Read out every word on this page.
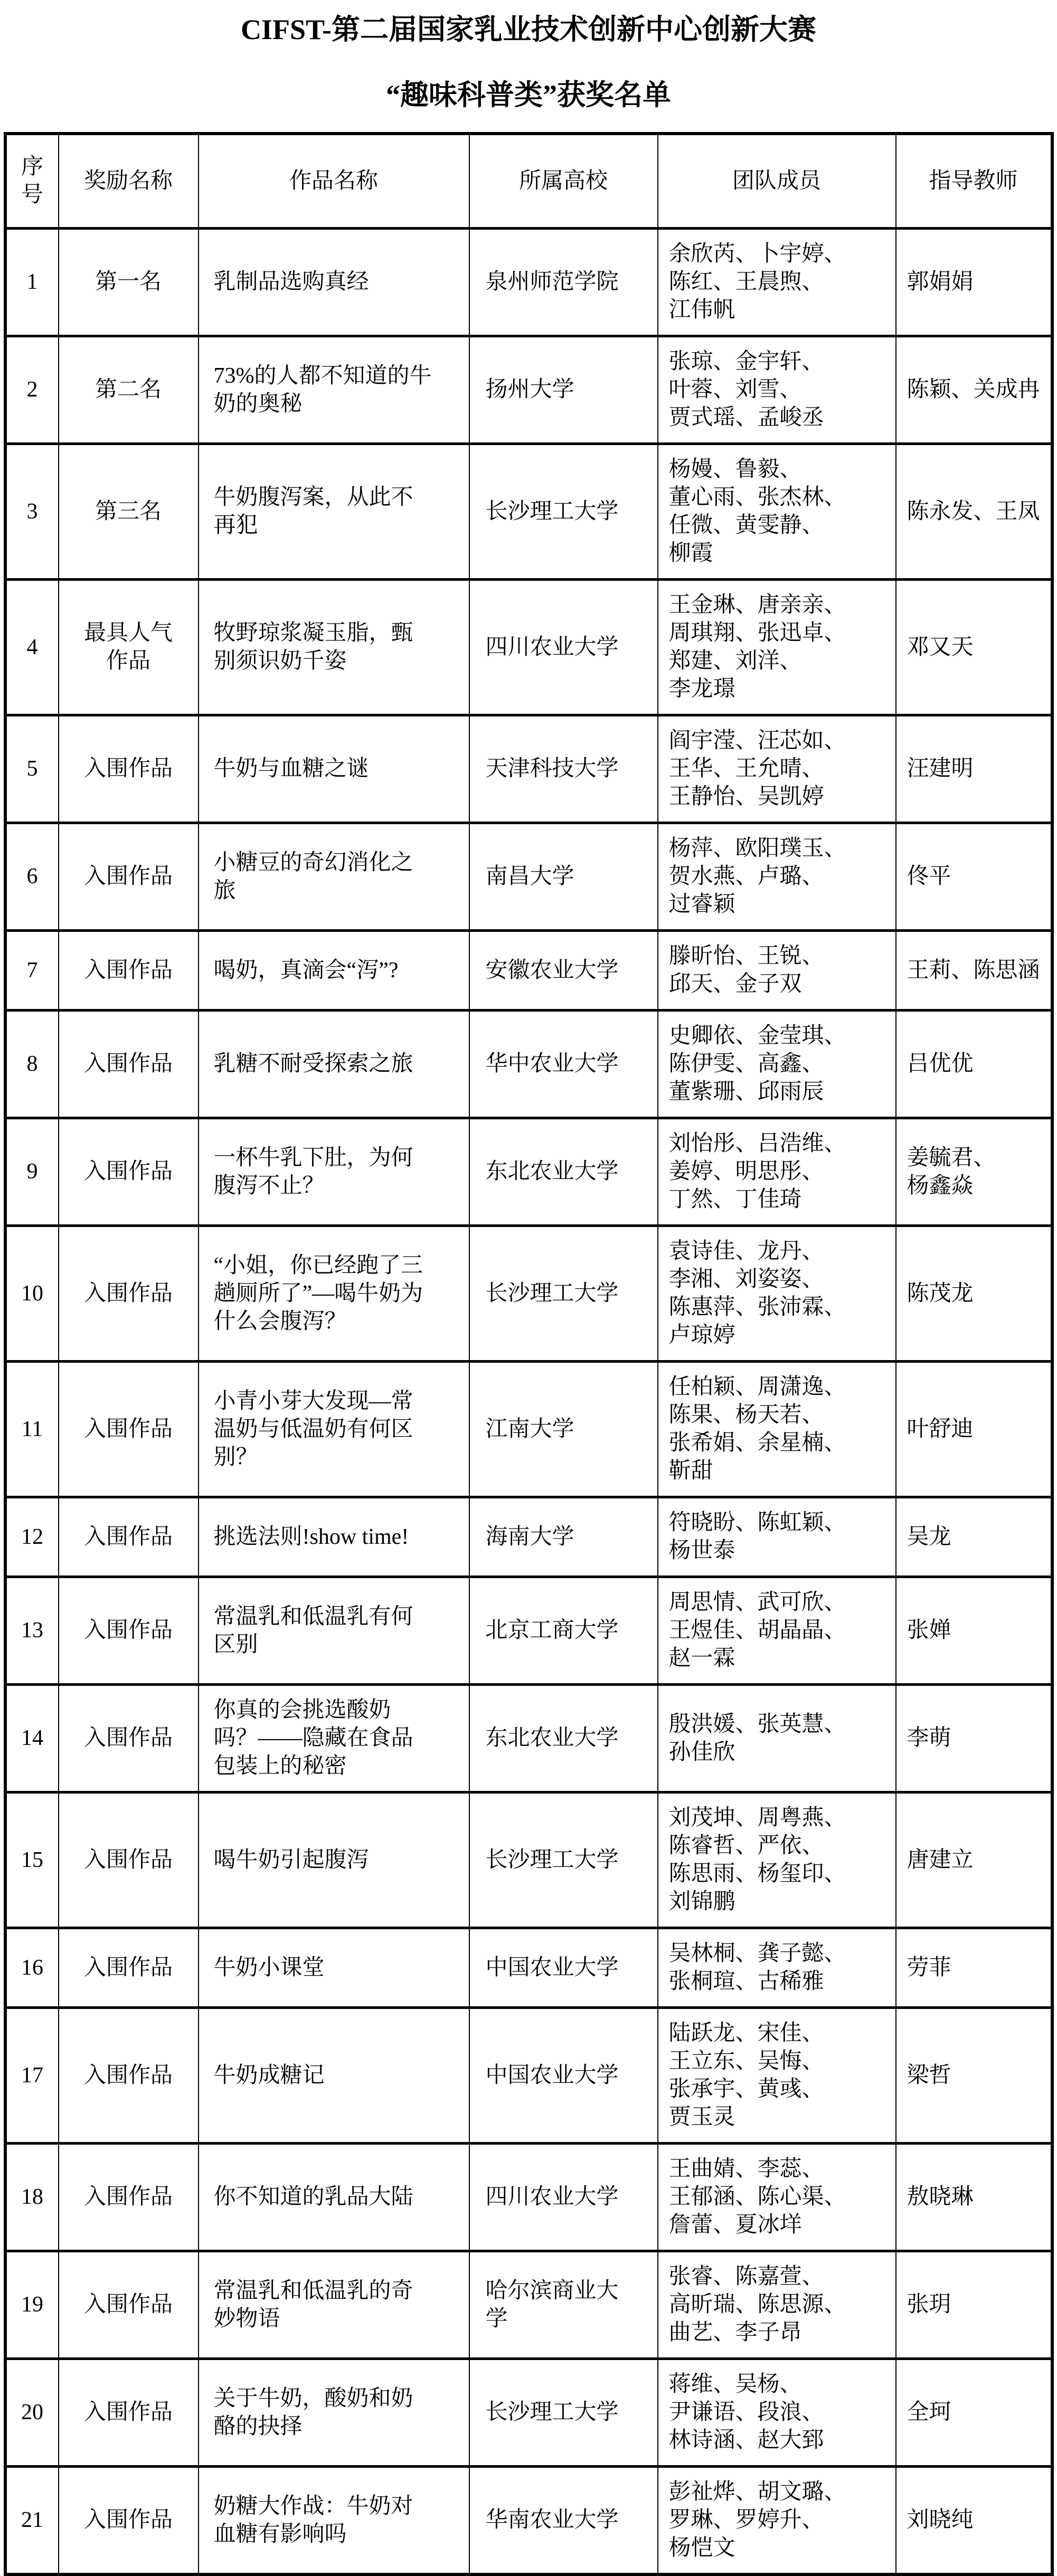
CIFST-第二届国家乳业技术创新中心创新大赛
“趣味科普类”获奖名单
序号	奖励名称	作品名称	所属高校	团队成员	指导教师
1	第一名	乳制品选购真经	泉州师范学院	余欣芮、卜宇婷、陈红、王晨煦、江伟帆	郭娟娟
2	第二名	73%的人都不知道的牛奶的奥秘	扬州大学	张琼、金宇轩、叶蓉、刘雪、贾式瑶、孟峻丞	陈颖、关成冉
3	第三名	牛奶腹泻案，从此不再犯	长沙理工大学	杨嫚、鲁毅、董心雨、张杰林、任微、黄雯静、柳霞	陈永发、王凤
4	最具人气作品	牧野琼浆凝玉脂，甄别须识奶千姿	四川农业大学	王金琳、唐亲亲、周琪翔、张迅卓、郑建、刘洋、李龙璟	邓又天
5	入围作品	牛奶与血糖之谜	天津科技大学	阎宇滢、汪芯如、王华、王允晴、王静怡、吴凯婷	汪建明
6	入围作品	小糖豆的奇幻消化之旅	南昌大学	杨萍、欧阳璞玉、贺水燕、卢璐、过睿颖	佟平
7	入围作品	喝奶，真滴会“泻”?	安徽农业大学	滕昕怡、王锐、邱天、金子双	王莉、陈思涵
8	入围作品	乳糖不耐受探索之旅	华中农业大学	史卿依、金莹琪、陈伊雯、高鑫、董紫珊、邱雨辰	吕优优
9	入围作品	一杯牛乳下肚，为何腹泻不止？	东北农业大学	刘怡彤、吕浩维、姜婷、明思彤、丁然、丁佳琦	姜毓君、杨鑫焱
10	入围作品	“小姐，你已经跑了三趟厕所了”—喝牛奶为什么会腹泻？	长沙理工大学	袁诗佳、龙丹、李湘、刘姿姿、陈惠萍、张沛霖、卢琼婷	陈茂龙
11	入围作品	小青小芽大发现—常温奶与低温奶有何区别？	江南大学	任柏颖、周潇逸、陈果、杨天若、张希娟、余星楠、靳甜	叶舒迪
12	入围作品	挑选法则!show time!	海南大学	符晓盼、陈虹颖、杨世泰	吴龙
13	入围作品	常温乳和低温乳有何区别	北京工商大学	周思情、武可欣、王煜佳、胡晶晶、赵一霖	张婵
14	入围作品	你真的会挑选酸奶吗？——隐藏在食品包装上的秘密	东北农业大学	殷洪媛、张英慧、孙佳欣	李萌
15	入围作品	喝牛奶引起腹泻	长沙理工大学	刘茂坤、周粤燕、陈睿哲、严依、陈思雨、杨玺印、刘锦鹏	唐建立
16	入围作品	牛奶小课堂	中国农业大学	吴林桐、龚子懿、张桐瑄、古稀雅	劳菲
17	入围作品	牛奶成糖记	中国农业大学	陆跃龙、宋佳、王立东、吴悔、张承宇、黄彧、贾玉灵	梁哲
18	入围作品	你不知道的乳品大陆	四川农业大学	王曲婧、李蕊、王郁涵、陈心渠、詹蕾、夏冰垟	敖晓琳
19	入围作品	常温乳和低温乳的奇妙物语	哈尔滨商业大学	张睿、陈嘉萱、高昕瑞、陈思源、曲艺、李子昂	张玥
20	入围作品	关于牛奶，酸奶和奶酪的抉择	长沙理工大学	蒋维、吴杨、尹谦语、段浪、林诗涵、赵大郅	全珂
21	入围作品	奶糖大作战：牛奶对血糖有影响吗	华南农业大学	彭祉烨、胡文璐、罗琳、罗婷升、杨恺文	刘晓纯
